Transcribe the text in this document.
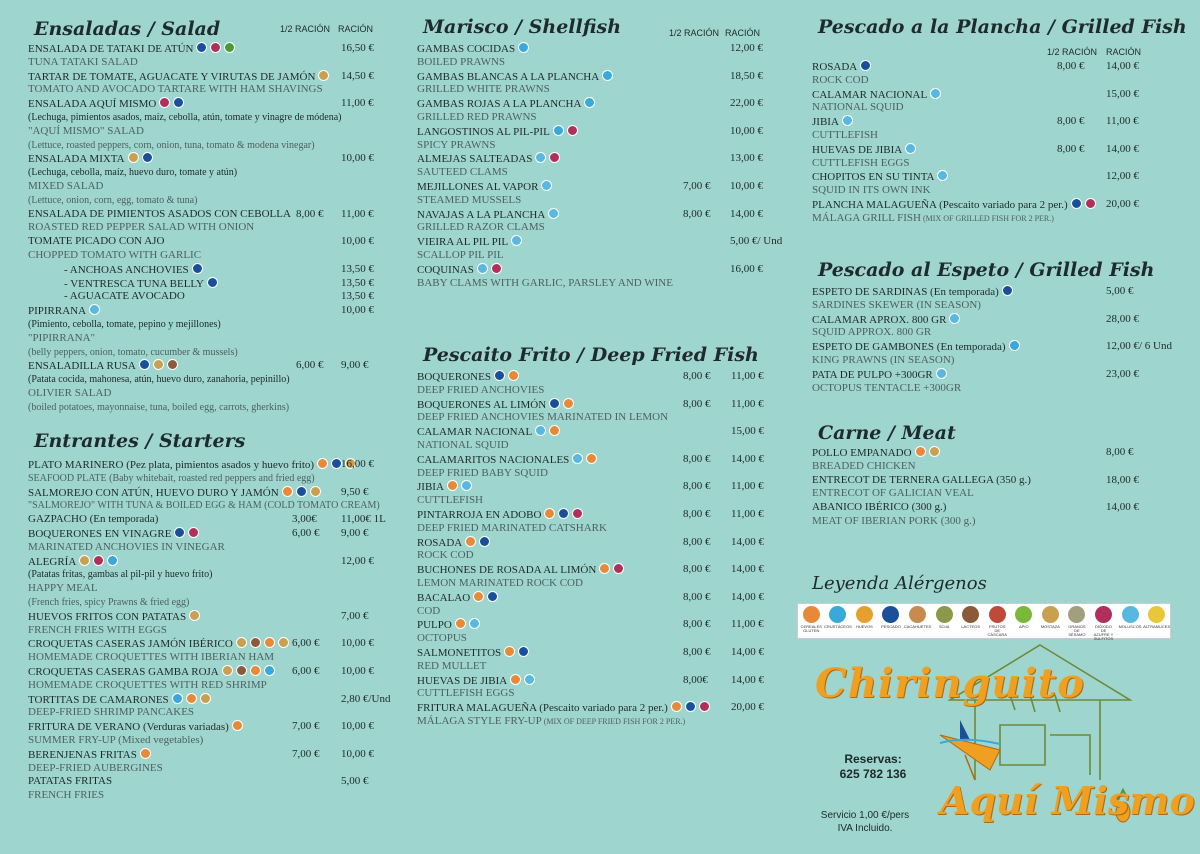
Ensaladas / Salad	1/2 RACIÓN RACIÓN
ENSALADA DE TATAKI DE ATÚN	16,50 €
TUNA TATAKI SALAD
TARTAR DE TOMATE, AGUACATE Y VIRUTAS DE JAMÓN	14,50 €
TOMATO AND AVOCADO TARTARE WITH HAM SHAVINGS
ENSALADA AQUÍ MISMO	11,00 €
(Lechuga, pimientos asados, maíz, cebolla, atún, tomate y vinagre de módena)
"AQUÍ MISMO" SALAD
(Lettuce, roasted peppers, corn, onion, tuna, tomato & modena vinegar)
ENSALADA MIXTA	10,00 €
(Lechuga, cebolla, maíz, huevo duro, tomate y atún)
MIXED SALAD
(Lettuce, onion, corn, egg, tomato & tuna)
ENSALADA DE PIMIENTOS ASADOS CON CEBOLLA 8,00 € 11,00 €
ROASTED RED PEPPER SALAD WITH ONION
TOMATE PICADO CON AJO	10,00 €
CHOPPED TOMATO WITH GARLIC
- ANCHOAS ANCHOVIES	13,50 €
- VENTRESCA TUNA BELLY	13,50 €
- AGUACATE AVOCADO	13,50 €
PIPIRRANA	10,00 €
(Pimiento, cebolla, tomate, pepino y mejillones)
"PIPIRRANA"
(belly peppers, onion, tomato, cucumber & mussels)
ENSALADILLA RUSA	6,00 € 9,00 €
(Patata cocida, mahonesa, atún, huevo duro, zanahoria, pepinillo)
OLIVIER SALAD
(boiled potatoes, mayonnaise, tuna, boiled egg, carrots, gherkins)
Entrantes / Starters
PLATO MARINERO (Pez plata, pimientos asados y huevo frito)	16,00 €
SEAFOOD PLATE (Baby whitebait, roasted red peppers and fried egg)
SALMOREJO CON ATÚN, HUEVO DURO Y JAMÓN	9,50 €
"SALMOREJO" WITH TUNA & BOILED EGG & HAM (COLD TOMATO CREAM)
GAZPACHO (En temporada)	3,00€ 11,00€ 1L
BOQUERONES EN VINAGRE	6,00 € 9,00 €
MARINATED ANCHOVIES IN VINEGAR
ALEGRÍA	12,00 €
(Patatas fritas, gambas al pil-pil y huevo frito)
HAPPY MEAL
(French fries, spicy Prawns & fried egg)
HUEVOS FRITOS CON PATATAS	7,00 €
FRENCH FRIES WITH EGGS
CROQUETAS CASERAS JAMÓN IBÉRICO	6,00 € 10,00 €
HOMEMADE CROQUETTES WITH IBERIAN HAM
CROQUETAS CASERAS GAMBA ROJA	6,00 € 10,00 €
HOMEMADE CROQUETTES WITH RED SHRIMP
TORTITAS DE CAMARONES	2,80 €/Und
DEEP-FRIED SHRIMP PANCAKES
FRITURA DE VERANO (Verduras variadas)	7,00 € 10,00 €
SUMMER FRY-UP (Mixed vegetables)
BERENJENAS FRITAS	7,00 € 10,00 €
DEEP-FRIED AUBERGINES
PATATAS FRITAS	5,00 €
FRENCH FRIES
Marisco / Shellfish	1/2 RACIÓN RACIÓN
GAMBAS COCIDAS	12,00 €
BOILED PRAWNS
GAMBAS BLANCAS A LA PLANCHA	18,50 €
GRILLED WHITE PRAWNS
GAMBAS ROJAS A LA PLANCHA	22,00 €
GRILLED RED PRAWNS
LANGOSTINOS AL PIL-PIL	10,00 €
SPICY PRAWNS
ALMEJAS SALTEADAS	13,00 €
SAUTEED CLAMS
MEJILLONES AL VAPOR	7,00 € 10,00 €
STEAMED MUSSELS
NAVAJAS A LA PLANCHA	8,00 € 14,00 €
GRILLED RAZOR CLAMS
VIEIRA AL PIL PIL	5,00 €/ Und
SCALLOP PIL PIL
COQUINAS	16,00 €
BABY CLAMS WITH GARLIC, PARSLEY AND WINE
Pescaito Frito / Deep Fried Fish
BOQUERONES	8,00 € 11,00 €
DEEP FRIED ANCHOVIES
BOQUERONES AL LIMÓN	8,00 € 11,00 €
DEEP FRIED ANCHOVIES MARINATED IN LEMON
CALAMAR NACIONAL	15,00 €
NATIONAL SQUID
CALAMARITOS NACIONALES	8,00 € 14,00 €
DEEP FRIED BABY SQUID
JIBIA	8,00 € 11,00 €
CUTTLEFISH
PINTARROJA EN ADOBO	8,00 € 11,00 €
DEEP FRIED MARINATED CATSHARK
ROSADA	8,00 € 14,00 €
ROCK COD
BUCHONES DE ROSADA AL LIMÓN	8,00 € 14,00 €
LEMON MARINATED ROCK COD
BACALAO	8,00 € 14,00 €
COD
PULPO	8,00 € 11,00 €
OCTOPUS
SALMONETITOS	8,00 € 14,00 €
RED MULLET
HUEVAS DE JIBIA	8,00€ 14,00 €
CUTTLEFISH EGGS
FRITURA MALAGUEÑA (Pescaito variado para 2 per.)	20,00 €
MÁLAGA STYLE FRY-UP (MIX OF DEEP FRIED FISH FOR 2 PER.)
Pescado a la Plancha / Grilled Fish
1/2 RACIÓN RACIÓN
ROSADA	8,00 € 14,00 €
ROCK COD
CALAMAR NACIONAL	15,00 €
NATIONAL SQUID
JIBIA	8,00 € 11,00 €
CUTTLEFISH
HUEVAS DE JIBIA	8,00 € 14,00 €
CUTTLEFISH EGGS
CHOPITOS EN SU TINTA	12,00 €
SQUID IN ITS OWN INK
PLANCHA MALAGUEÑA (Pescaito variado para 2 per.)	20,00 €
MÁLAGA GRILL FISH (MIX OF GRILLED FISH FOR 2 PER.)
Pescado al Espeto / Grilled Fish
ESPETO DE SARDINAS (En temporada)	5,00 €
SARDINES SKEWER (IN SEASON)
CALAMAR APROX. 800 GR	28,00 €
SQUID APPROX. 800 GR
ESPETO DE GAMBONES (En temporada)	12,00 €/ 6 Und
KING PRAWNS (IN SEASON)
PATA DE PULPO +300GR	23,00 €
OCTOPUS TENTACLE +300GR
Carne / Meat
POLLO EMPANADO	8,00 €
BREADED CHICKEN
ENTRECOT DE TERNERA GALLEGA (350 g.)	18,00 €
ENTRECOT OF GALICIAN VEAL
ABANICO IBÉRICO (300 g.)	14,00 €
MEAT OF IBERIAN PORK (300 g.)
Leyenda Alérgenos
CEREALES GLUTEN
CRUSTÁCEOS HUEVOS PESCADO CACAHUETES SOJA	LÁCTEOS	FRUTOS DE CÁSCARA
APIO	MOSTAZA	GRANOS DE SÉSAMO
DIÓXIDO DE AZUFRE Y SULFITOS
MOLUSCOS ALTRAMUCES
Chiringuito
Aquí Mismo
Reservas:
625 782 136
Servicio 1,00 €/pers
IVA Incluido.
